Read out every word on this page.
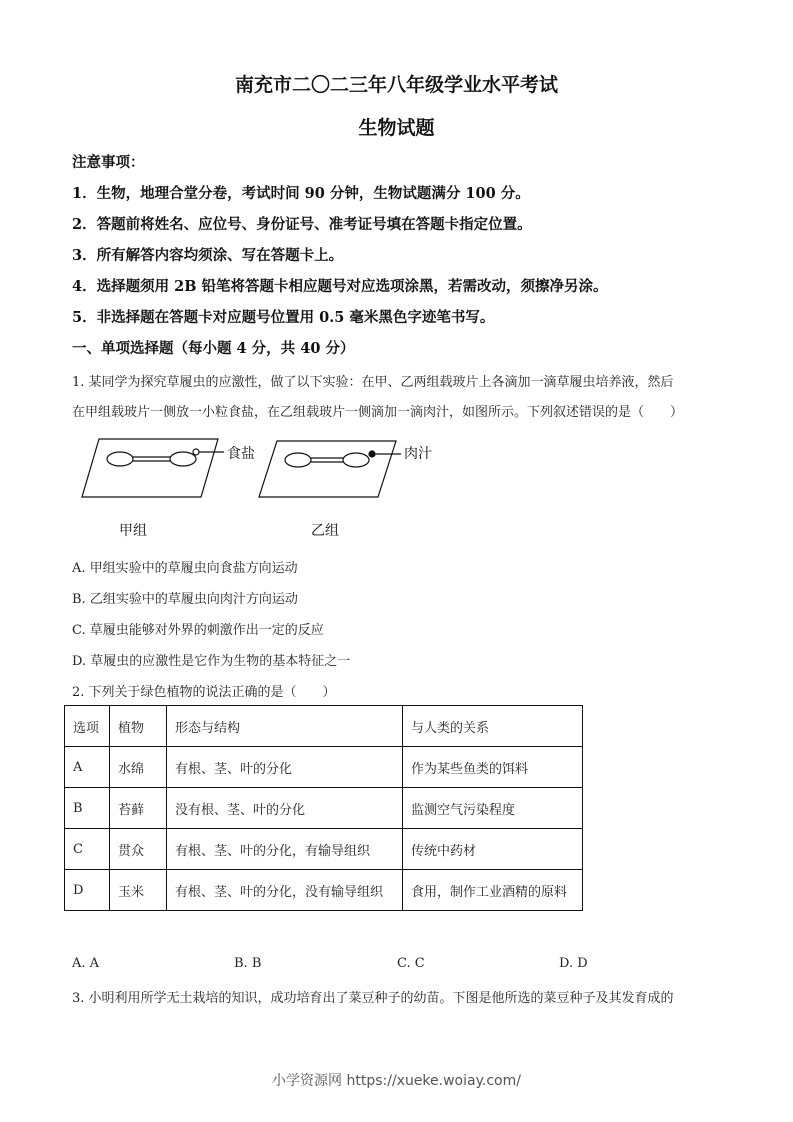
南充市二〇二三年八年级学业水平考试
生物试题
注意事项：
1．生物，地理合堂分卷，考试时间 90 分钟，生物试题满分 100 分。
2．答题前将姓名、应位号、身份证号、准考证号填在答题卡指定位置。
3．所有解答内容均须涂、写在答题卡上。
4．选择题须用 2B 铅笔将答题卡相应题号对应选项涂黑，若需改动，须擦净另涂。
5．非选择题在答题卡对应题号位置用 0.5 毫米黑色字迹笔书写。
一、单项选择题（每小题 4 分，共 40 分）
1. 某同学为探究草履虫的应激性，做了以下实验：在甲、乙两组载玻片上各滴加一滴草履虫培养液，然后
在甲组载玻片一侧放一小粒食盐，在乙组载玻片一侧滴加一滴肉汁，如图所示。下列叙述错误的是（　　）
食盐	肉汁
甲组	乙组
A. 甲组实验中的草履虫向食盐方向运动
B. 乙组实验中的草履虫向肉汁方向运动
C. 草履虫能够对外界的刺激作出一定的反应
D. 草履虫的应激性是它作为生物的基本特征之一
2. 下列关于绿色植物的说法正确的是（　　）
选项	植物	形态与结构	与人类的关系
A	水绵	有根、茎、叶的分化	作为某些鱼类的饵料
B	苔藓	没有根、茎、叶的分化	监测空气污染程度
C	贯众	有根、茎、叶的分化，有输导组织	传统中药材
D	玉米	有根、茎、叶的分化，没有输导组织	食用，制作工业酒精的原料
A. A	B. B	C. C	D. D
3. 小明利用所学无土栽培的知识，成功培育出了菜豆种子的幼苗。下图是他所选的菜豆种子及其发育成的
小学资源网 https://xueke.woiay.com/
